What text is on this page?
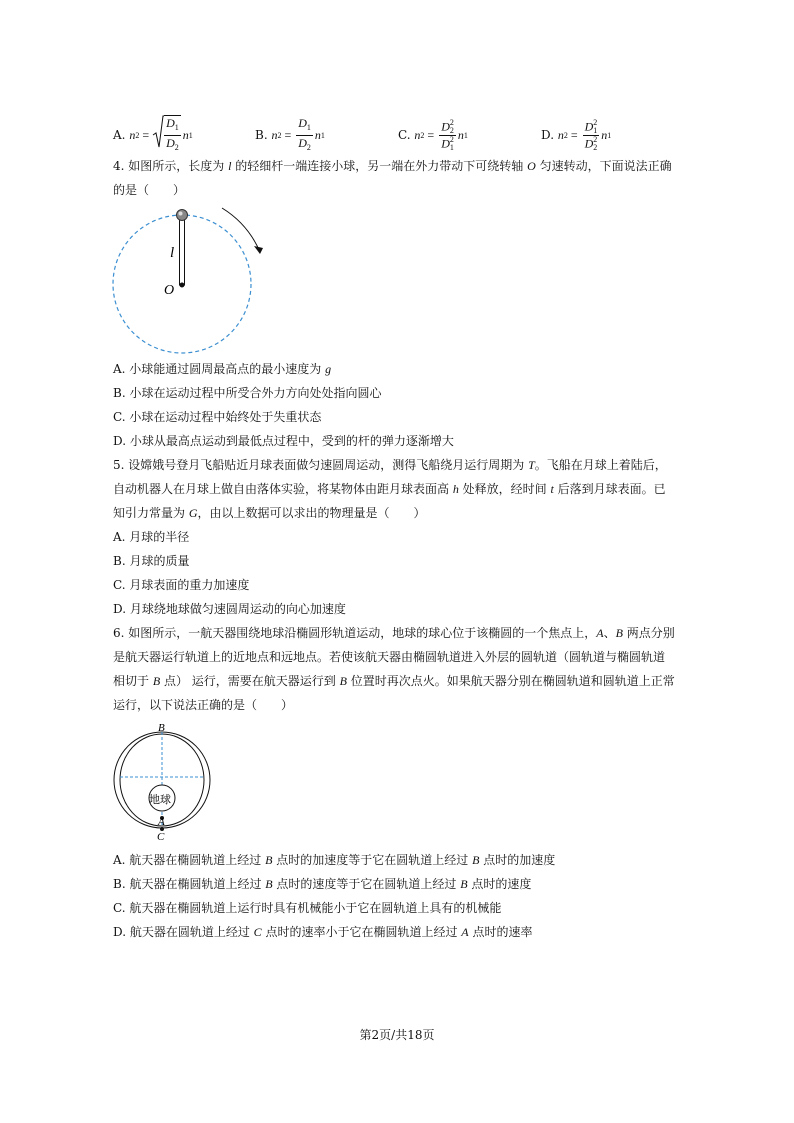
A.
n $2 = \frac{D_1}{D_2}$ n 1	B.
n $2 = \frac{D_1}{D_2}$ n 1	C.
n 2 = D 2
2
D 2
1 n 1	D.
n 2 = D 2
1
D 2
2 n 1
4. 如图所示，长度为 l 的轻细杆一端连接小球，另一端在外力带动下可绕转轴 O 匀速转动，下面说法正确
的是（　　）
l
O
A. 小球能通过圆周最高点的最小速度为 g
B. 小球在运动过程中所受合外力方向处处指向圆心
C. 小球在运动过程中始终处于失重状态
D. 小球从最高点运动到最低点过程中，受到的杆的弹力逐渐增大
5. 设嫦娥号登月飞船贴近月球表面做匀速圆周运动，测得飞船绕月运行周期为 T。飞船在月球上着陆后，
自动机器人在月球上做自由落体实验，将某物体由距月球表面高 h 处释放，经时间 t 后落到月球表面。已
知引力常量为 G，由以上数据可以求出的物理量是（　　）
A. 月球的半径
B. 月球的质量
C. 月球表面的重力加速度
D. 月球绕地球做匀速圆周运动的向心加速度
6. 如图所示，一航天器围绕地球沿椭圆形轨道运动，地球的球心位于该椭圆的一个焦点上，A、B 两点分别
是航天器运行轨道上的近地点和远地点。若使该航天器由椭圆轨道进入外层的圆轨道（圆轨道与椭圆轨道
相切于 B 点） 运行，需要在航天器运行到 B 位置时再次点火。如果航天器分别在椭圆轨道和圆轨道上正常
运行，以下说法正确的是（　　）
地球
B
A
C
A. 航天器在椭圆轨道上经过 B 点时的加速度等于它在圆轨道上经过 B 点时的加速度
B. 航天器在椭圆轨道上经过 B 点时的速度等于它在圆轨道上经过 B 点时的速度
C. 航天器在椭圆轨道上运行时具有机械能小于它在圆轨道上具有的机械能
D. 航天器在圆轨道上经过 C 点时的速率小于它在椭圆轨道上经过 A 点时的速率
第2页/共18页
